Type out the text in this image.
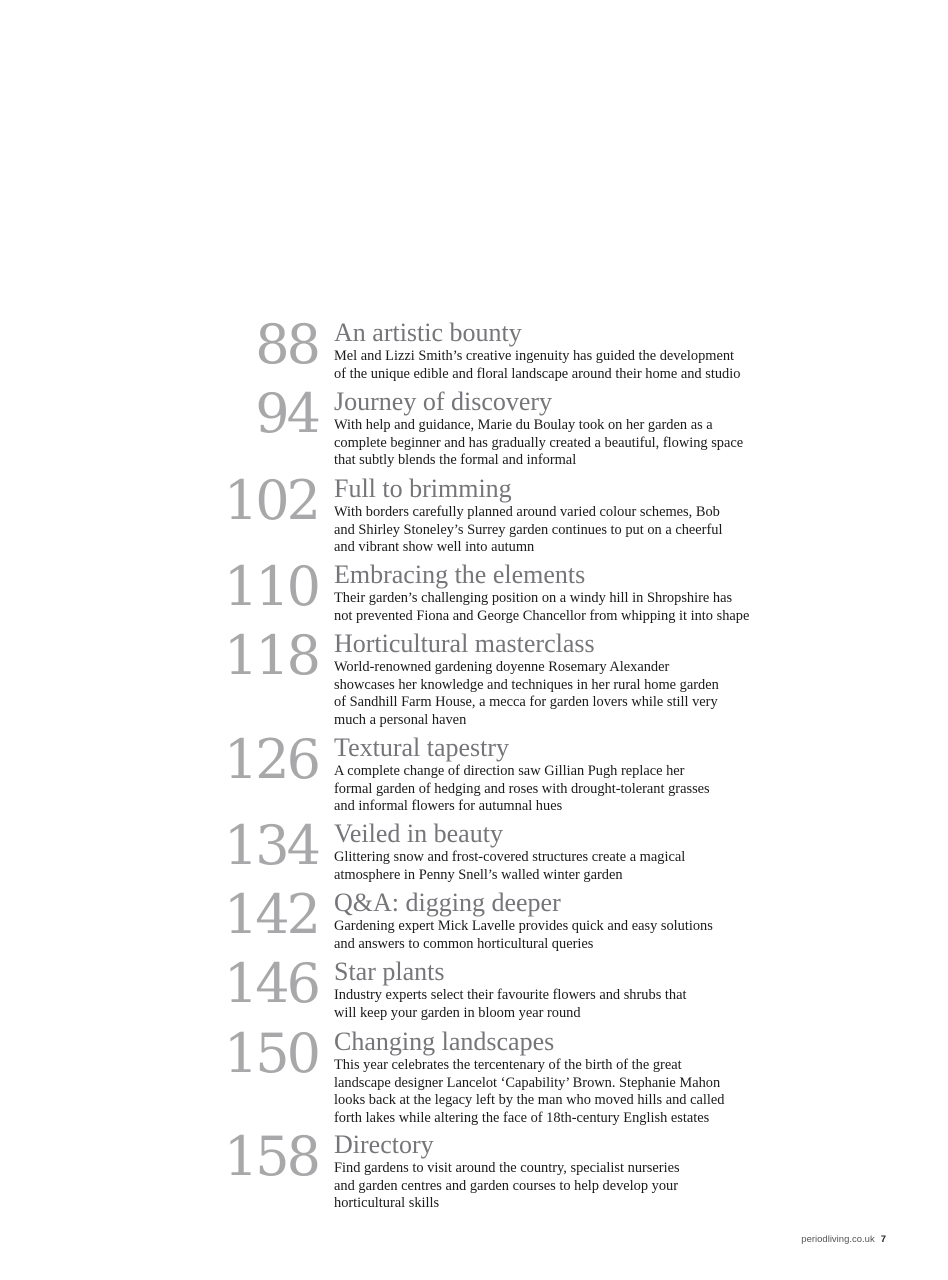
88 An artistic bounty
Mel and Lizzi Smith’s creative ingenuity has guided the development
of the unique edible and floral landscape around their home and studio
94 Journey of discovery
With help and guidance, Marie du Boulay took on her garden as a
complete beginner and has gradually created a beautiful, flowing space
that subtly blends the formal and informal
102 Full to brimming
With borders carefully planned around varied colour schemes, Bob
and Shirley Stoneley’s Surrey garden continues to put on a cheerful
and vibrant show well into autumn
110 Embracing the elements
Their garden’s challenging position on a windy hill in Shropshire has
not prevented Fiona and George Chancellor from whipping it into shape
118 Horticultural masterclass
World-renowned gardening doyenne Rosemary Alexander
showcases her knowledge and techniques in her rural home garden
of Sandhill Farm House, a mecca for garden lovers while still very
much a personal haven
126 Textural tapestry
A complete change of direction saw Gillian Pugh replace her
formal garden of hedging and roses with drought-tolerant grasses
and informal flowers for autumnal hues
134 Veiled in beauty
Glittering snow and frost-covered structures create a magical
atmosphere in Penny Snell’s walled winter garden
142 Q&A: digging deeper
Gardening expert Mick Lavelle provides quick and easy solutions
and answers to common horticultural queries
146 Star plants
Industry experts select their favourite flowers and shrubs that
will keep your garden in bloom year round
150 Changing landscapes
This year celebrates the tercentenary of the birth of the great
landscape designer Lancelot ‘Capability’ Brown. Stephanie Mahon
looks back at the legacy left by the man who moved hills and called
forth lakes while altering the face of 18th-century English estates
158 Directory
Find gardens to visit around the country, specialist nurseries
and garden centres and garden courses to help develop your
horticultural skills
periodliving.co.uk 7
